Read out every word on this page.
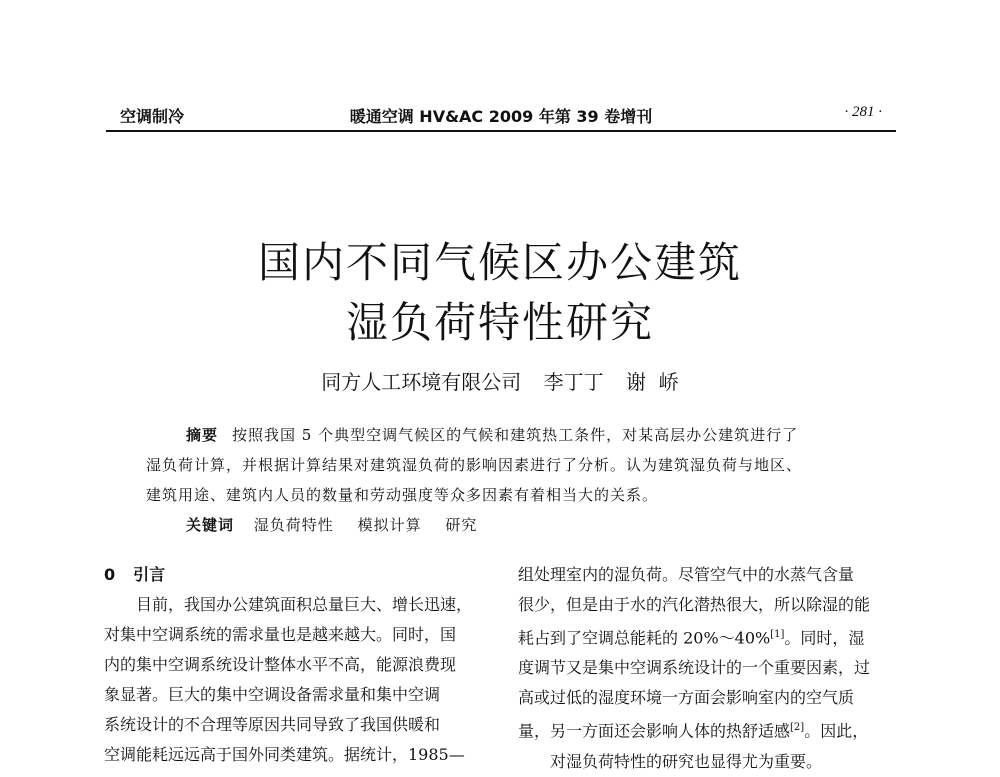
空调制冷	暖通空调 HV&AC 2009 年第 39 卷增刊	· 281 ·
国内不同气候区办公建筑
湿负荷特性研究
同方人工环境有限公司 李丁丁 谢  峤
摘要 按照我国 5 个典型空调气候区的气候和建筑热工条件，对某高层办公建筑进行了
湿负荷计算，并根据计算结果对建筑湿负荷的影响因素进行了分析。认为建筑湿负荷与地区、
建筑用途、建筑内人员的数量和劳动强度等众多因素有着相当大的关系。
关键词 湿负荷特性 模拟计算 研究
0 引言
目前，我国办公建筑面积总量巨大、增长迅速，
对集中空调系统的需求量也是越来越大。同时，国
内的集中空调系统设计整体水平不高，能源浪费现
象显著。巨大的集中空调设备需求量和集中空调
系统设计的不合理等原因共同导致了我国供暖和
空调能耗远远高于国外同类建筑。据统计，1985—
组处理室内的湿负荷。尽管空气中的水蒸气含量
很少，但是由于水的汽化潜热很大，所以除湿的能
耗占到了空调总能耗的 20%～40%[1]。同时，湿
度调节又是集中空调系统设计的一个重要因素，过
高或过低的湿度环境一方面会影响室内的空气质
量，另一方面还会影响人体的热舒适感[2]。因此，
对湿负荷特性的研究也显得尤为重要。
